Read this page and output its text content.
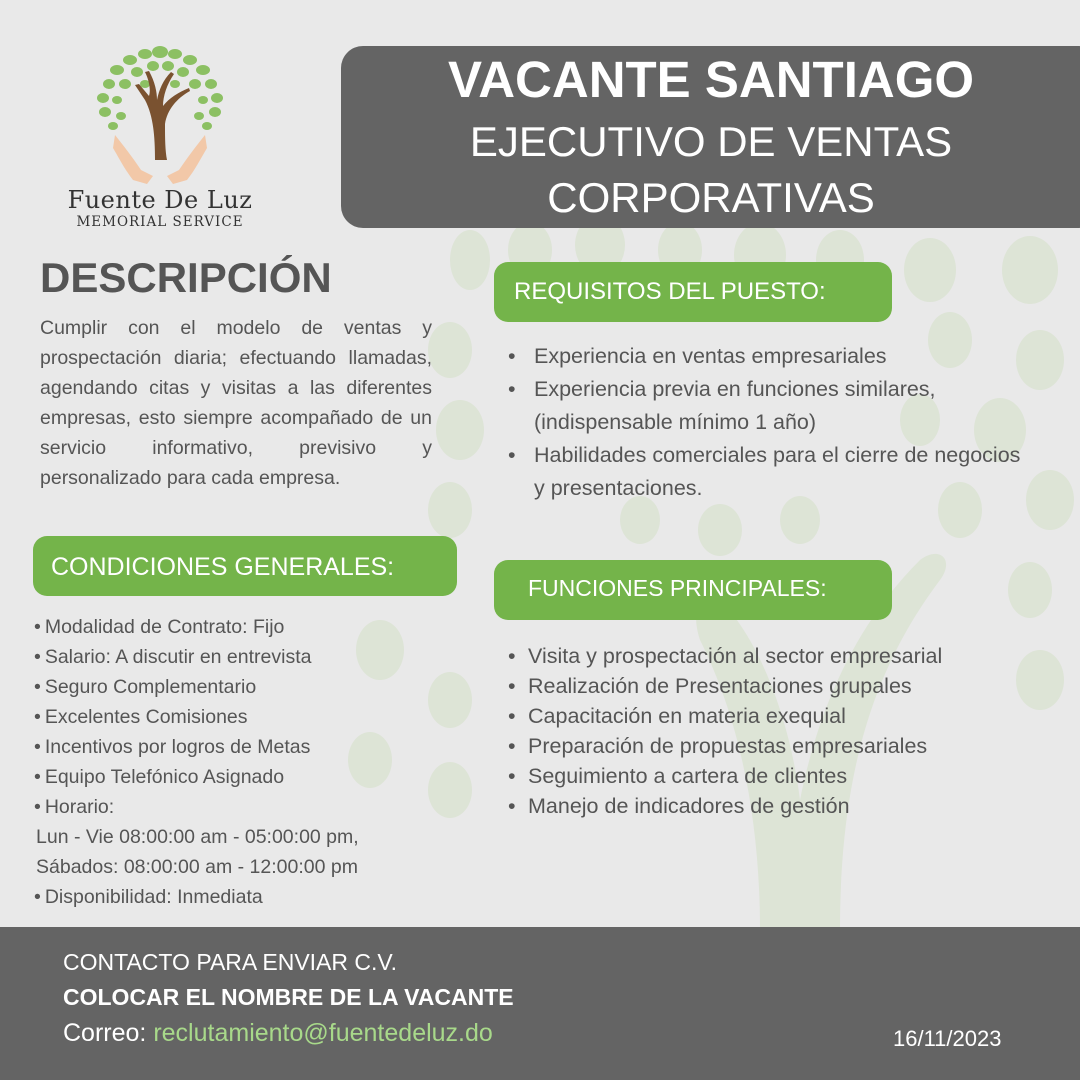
Fuente De Luz
MEMORIAL SERVICE
VACANTE SANTIAGO
EJECUTIVO DE VENTAS
CORPORATIVAS
DESCRIPCIÓN
Cumplir con el modelo de ventas y prospectación diaria; efectuando llamadas, agendando citas y visitas a las diferentes empresas, esto siempre acompañado de un servicio informativo, previsivo y personalizado para cada empresa.
CONDICIONES GENERALES:
• Modalidad de Contrato: Fijo
• Salario: A discutir en entrevista
• Seguro Complementario
• Excelentes Comisiones
• Incentivos por logros de Metas
• Equipo Telefónico Asignado
• Horario:
Lun - Vie 08:00:00 am - 05:00:00 pm,
Sábados: 08:00:00 am - 12:00:00 pm
• Disponibilidad: Inmediata
REQUISITOS DEL PUESTO:
• Experiencia en ventas empresariales
• Experiencia previa en funciones similares, (indispensable mínimo 1 año)
• Habilidades comerciales para el cierre de negocios y presentaciones.
FUNCIONES PRINCIPALES:
• Visita y prospectación al sector empresarial
• Realización de Presentaciones grupales
• Capacitación en materia exequial
• Preparación de propuestas empresariales
• Seguimiento a cartera de clientes
• Manejo de indicadores de gestión
CONTACTO PARA ENVIAR C.V.
COLOCAR EL NOMBRE DE LA VACANTE
Correo: reclutamiento@fuentedeluz.do	16/11/2023
